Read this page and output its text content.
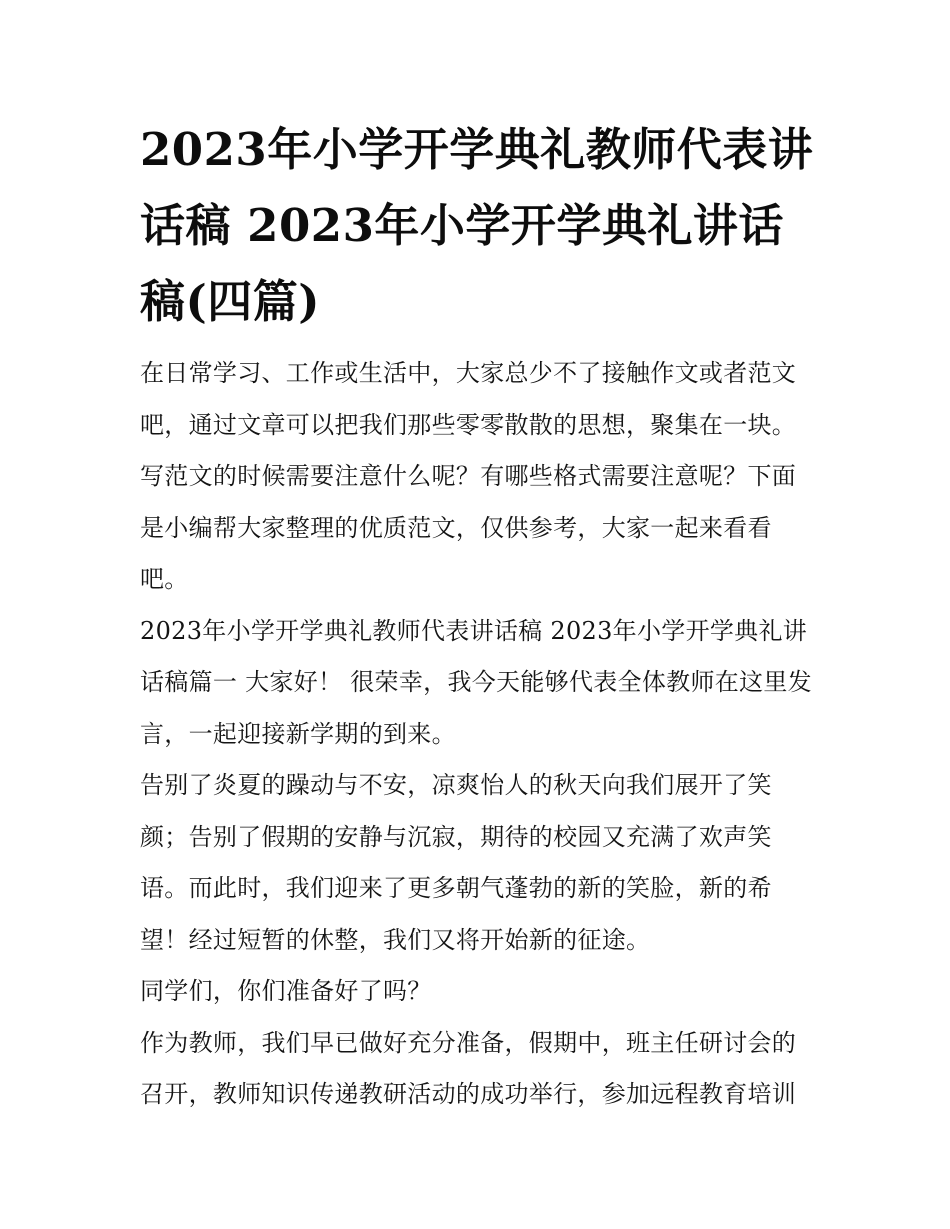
2023年小学开学典礼教师代表讲话稿 2023年小学开学典礼讲话稿(四篇)

在日常学习、工作或生活中，大家总少不了接触作文或者范文吧，通过文章可以把我们那些零零散散的思想，聚集在一块。写范文的时候需要注意什么呢？有哪些格式需要注意呢？下面是小编帮大家整理的优质范文，仅供参考，大家一起来看看吧。

2023年小学开学典礼教师代表讲话稿 2023年小学开学典礼讲话稿篇一 大家好！ 很荣幸，我今天能够代表全体教师在这里发言，一起迎接新学期的到来。

告别了炎夏的躁动与不安，凉爽怡人的秋天向我们展开了笑颜；告别了假期的安静与沉寂，期待的校园又充满了欢声笑语。而此时，我们迎来了更多朝气蓬勃的新的笑脸，新的希望！经过短暂的休整，我们又将开始新的征途。

同学们，你们准备好了吗？

作为教师，我们早已做好充分准备，假期中，班主任研讨会的召开，教师知识传递教研活动的成功举行，参加远程教育培训
